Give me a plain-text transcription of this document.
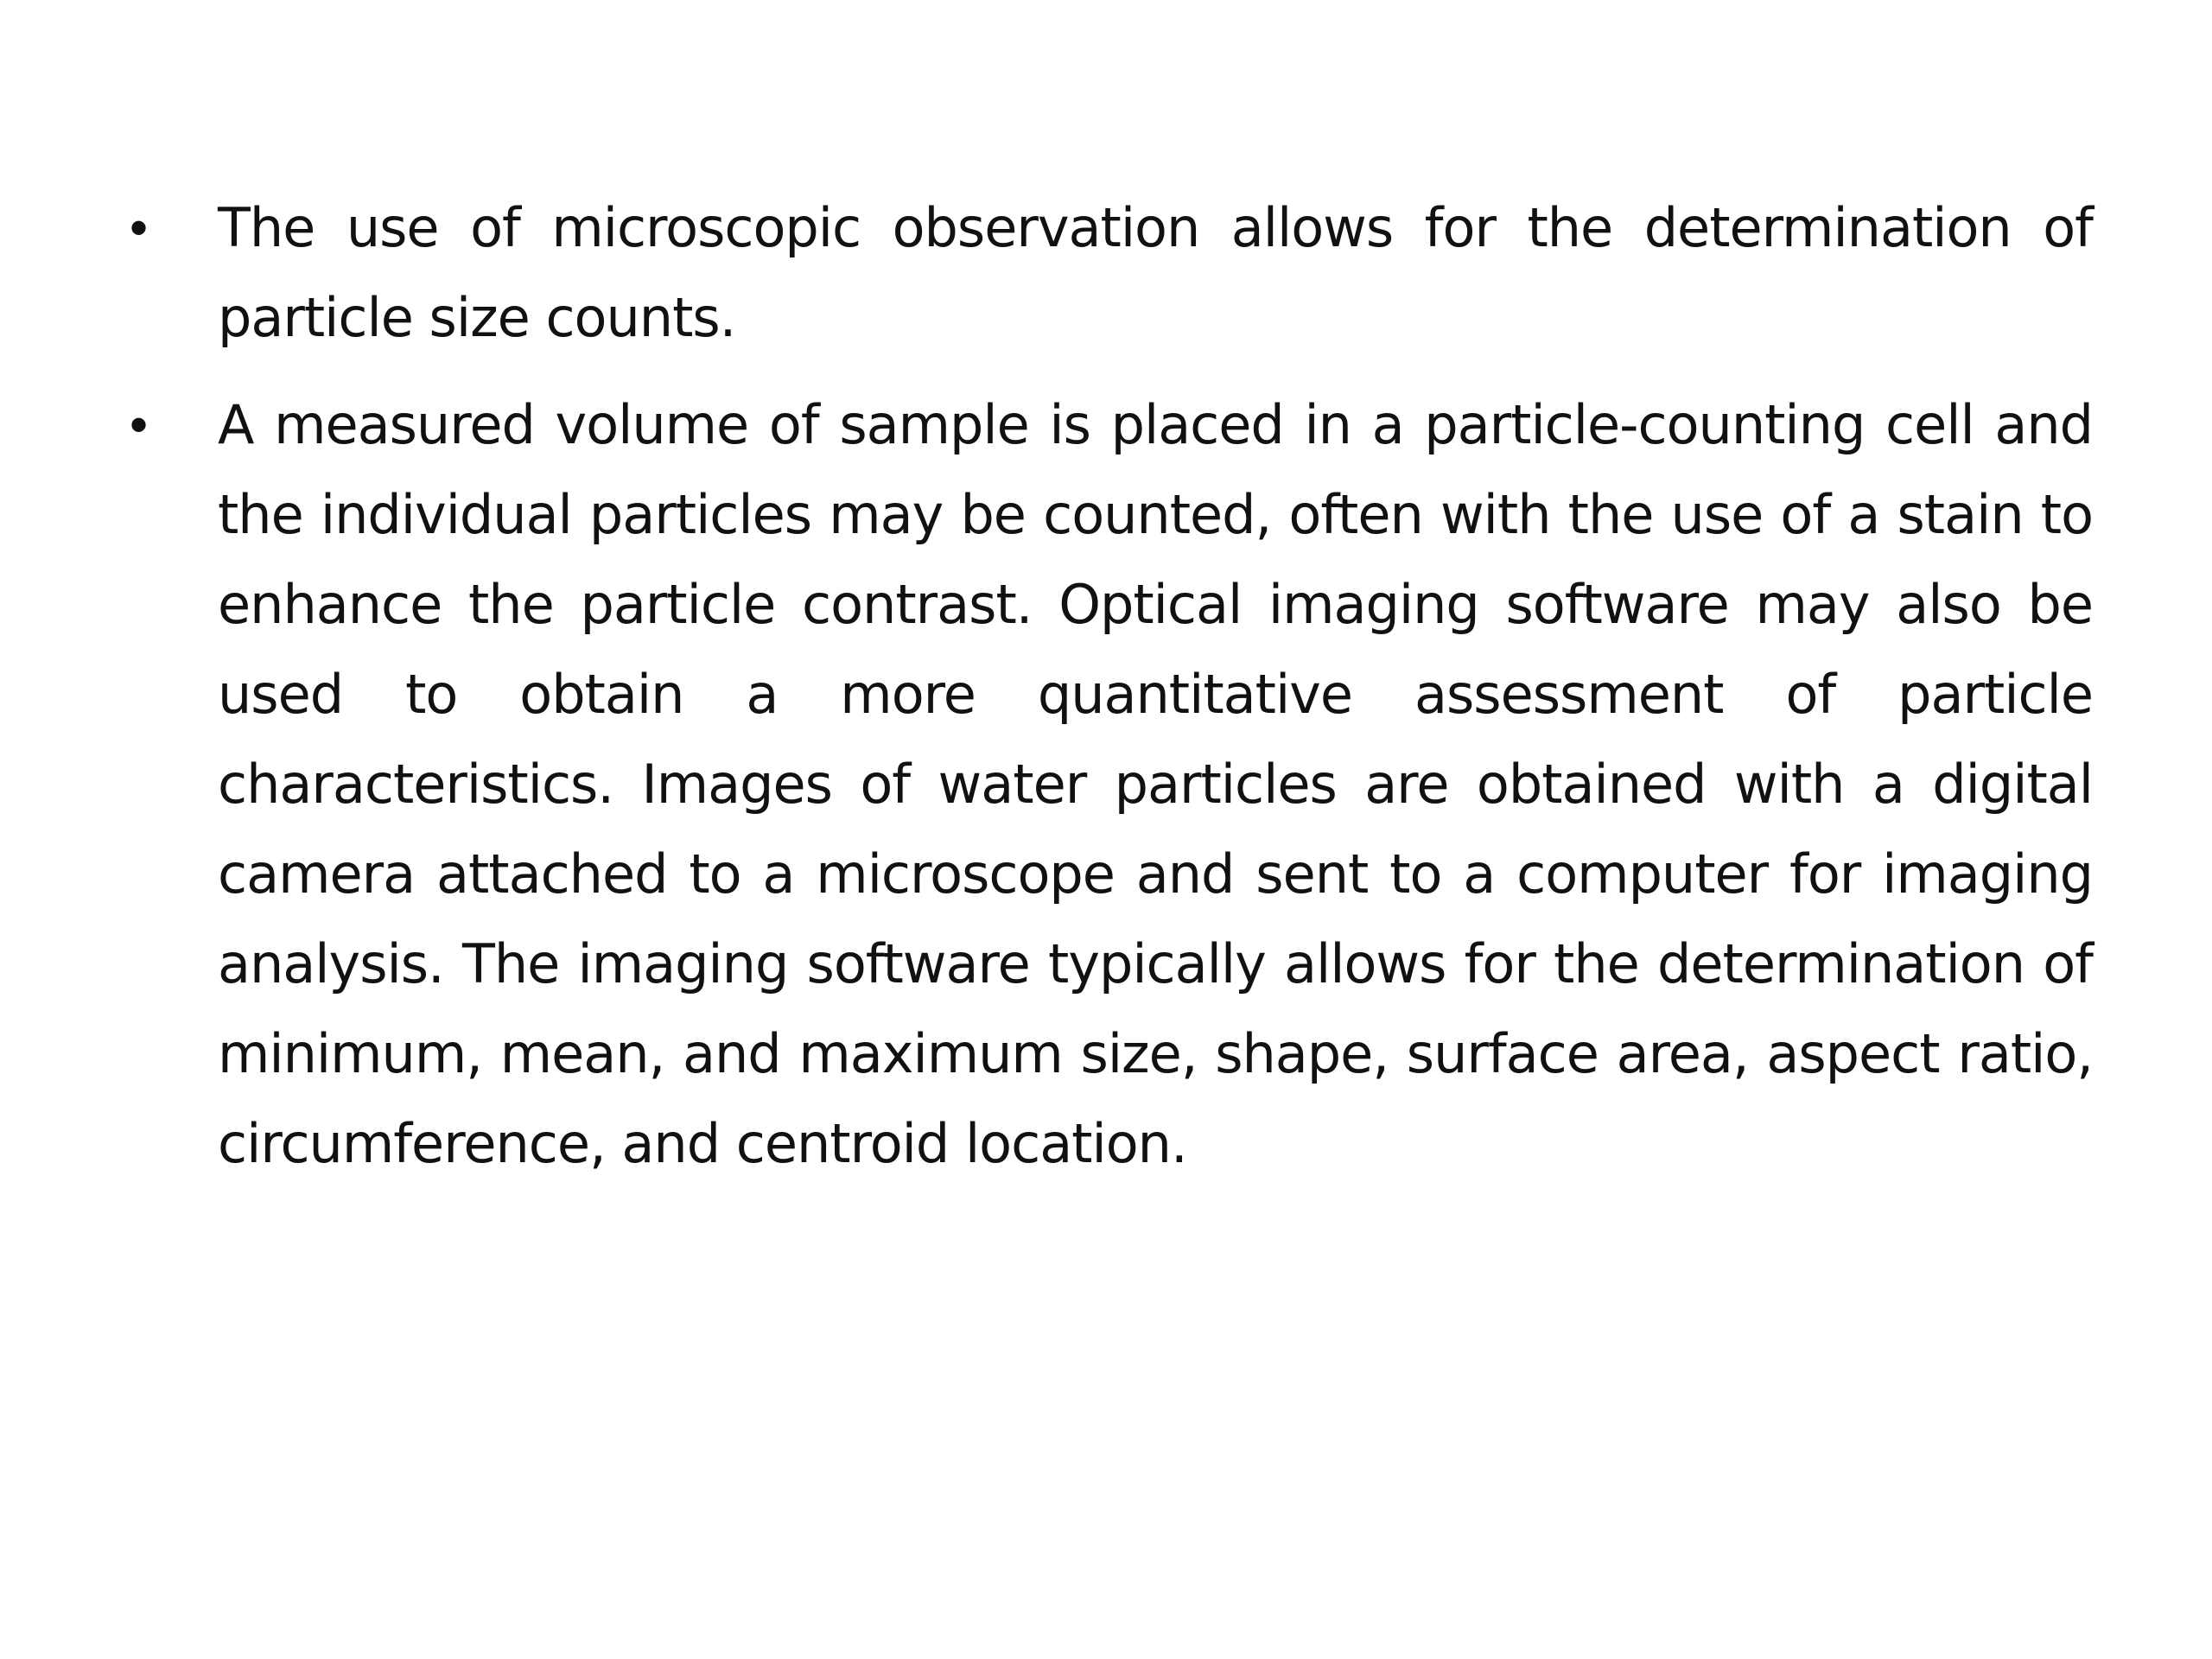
•	The use of microscopic observation allows for the determination of particle size counts.
•	A measured volume of sample is placed in a particle-counting cell and the individual particles may be counted, often with the use of a stain to enhance the particle contrast. Optical imaging software may also be used to obtain a more quantitative assessment of particle characteristics. Images of water particles are obtained with a digital camera attached to a microscope and sent to a computer for imaging analysis. The imaging software typically allows for the determination of minimum, mean, and maximum size, shape, surface area, aspect ratio, circumference, and centroid location.
